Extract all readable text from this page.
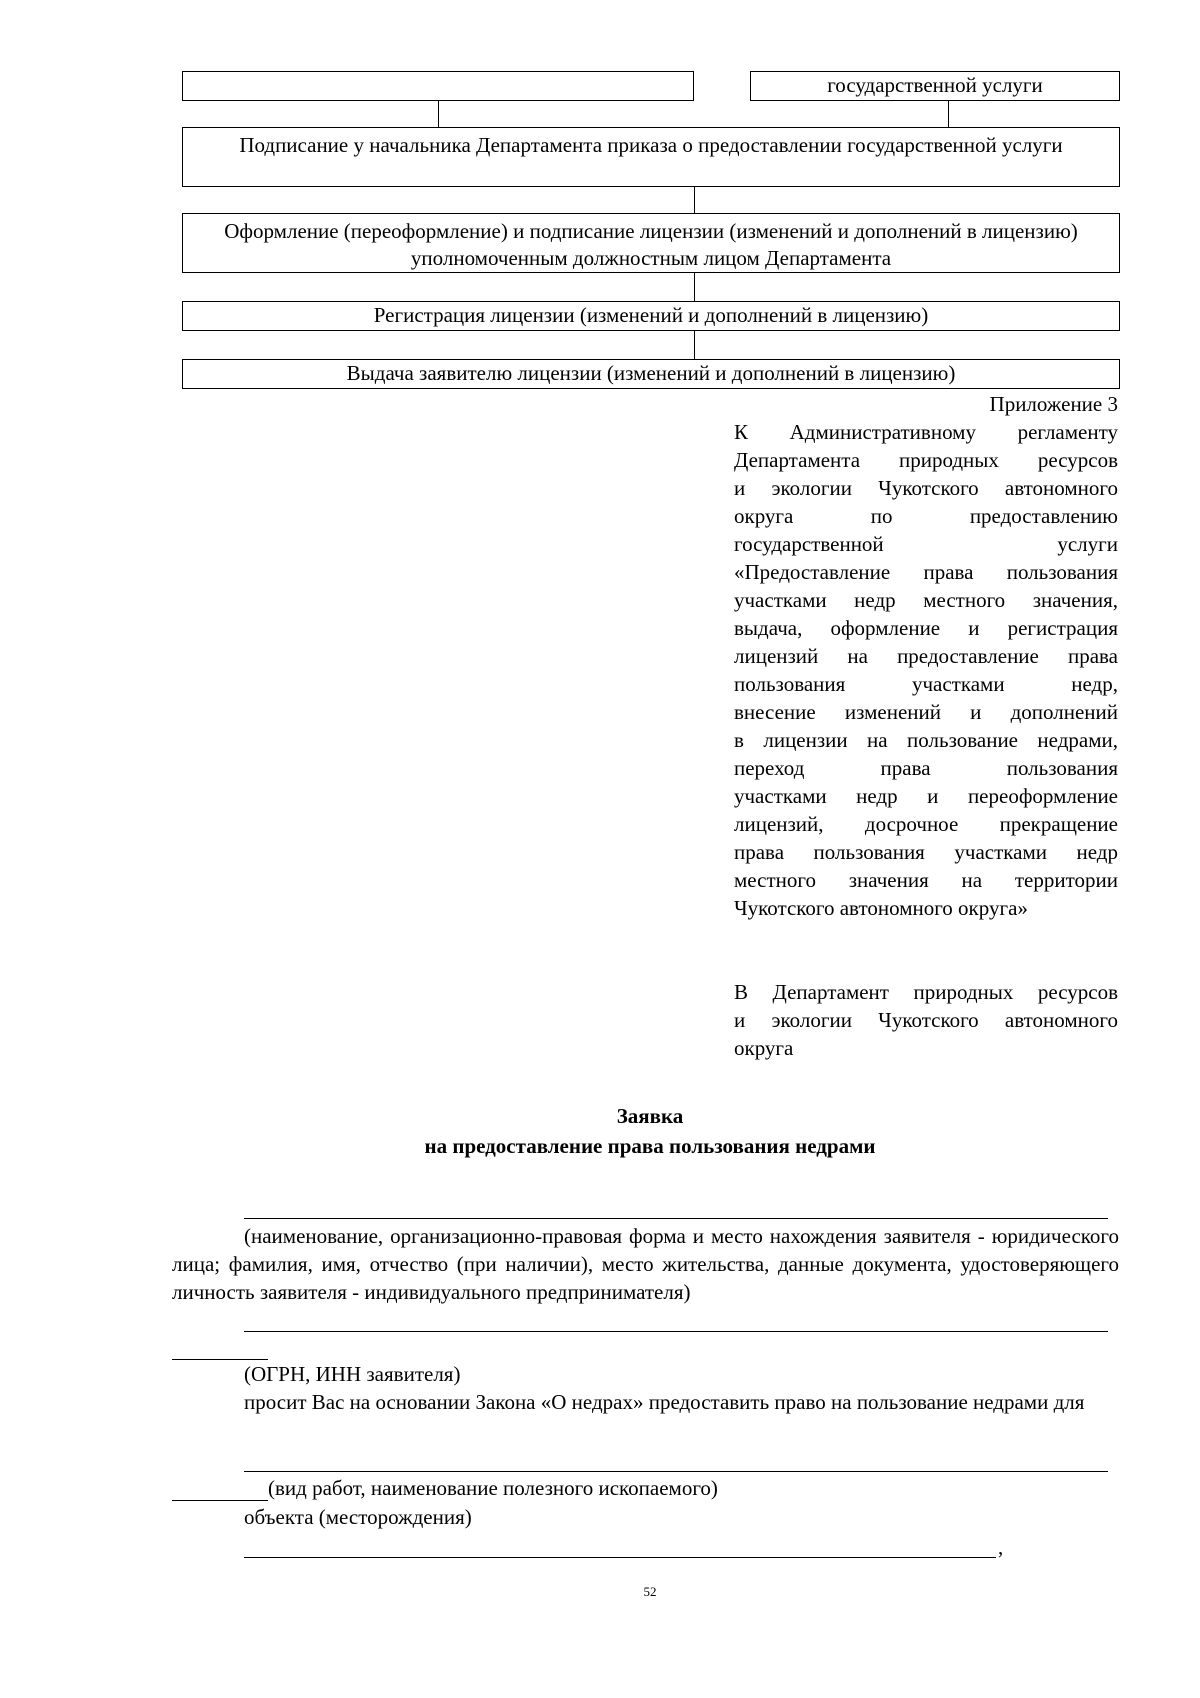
государственной услуги
Подписание у начальника Департамента приказа о предоставлении государственной услуги
Оформление (переоформление) и подписание лицензии (изменений и дополнений в лицензию) уполномоченным должностным лицом Департамента
Регистрация лицензии (изменений и дополнений в лицензию)
Выдача заявителю лицензии (изменений и дополнений в лицензию)
Приложение 3
К Административному регламенту
Департамента природных ресурсов
и экологии Чукотского автономного
округа по предоставлению
государственной услуги
«Предоставление права пользования
участками недр местного значения,
выдача, оформление и регистрация
лицензий на предоставление права
пользования участками недр,
внесение изменений и дополнений
в лицензии на пользование недрами,
переход права пользования
участками недр и переоформление
лицензий, досрочное прекращение
права пользования участками недр
местного значения на территории
Чукотского автономного округа»
В Департамент природных ресурсов
и экологии Чукотского автономного
округа
Заявка
на предоставление права пользования недрами
(наименование, организационно-правовая форма и место нахождения заявителя - юридического лица; фамилия, имя, отчество (при наличии), место жительства, данные документа, удостоверяющего личность заявителя - индивидуального предпринимателя)
(ОГРН, ИНН заявителя)
просит Вас на основании Закона «О недрах» предоставить право на пользование недрами для
(вид работ, наименование полезного ископаемого)
объекта (месторождения)
,
52
